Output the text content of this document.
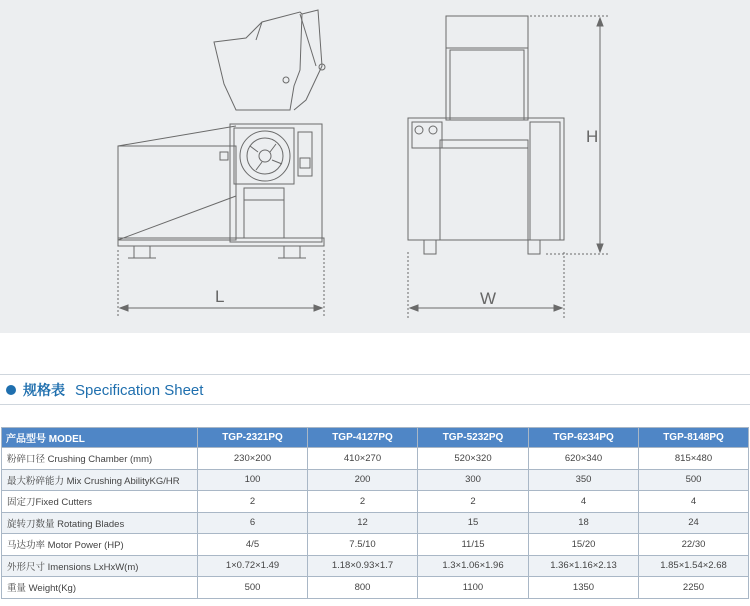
L	W
H
规格表 Specification Sheet
产品型号 MODEL	TGP-2321PQ	TGP-4127PQ	TGP-5232PQ	TGP-6234PQ	TGP-8148PQ
粉碎口径 Crushing Chamber (mm)	230×200	410×270	520×320	620×340	815×480
最大粉碎能力 Mix Crushing AbilityKG/HR	100	200	300	350	500
固定刀Fixed Cutters	2	2	2	4	4
旋转刀数量 Rotating Blades	6	12	15	18	24
马达功率 Motor Power (HP)	4/5	7.5/10	11/15	15/20	22/30
外形尺寸 Imensions LxHxW(m)	1×0.72×1.49	1.18×0.93×1.7	1.3×1.06×1.96	1.36×1.16×2.13	1.85×1.54×2.68
重量 Weight(Kg)	500	800	1100	1350	2250
